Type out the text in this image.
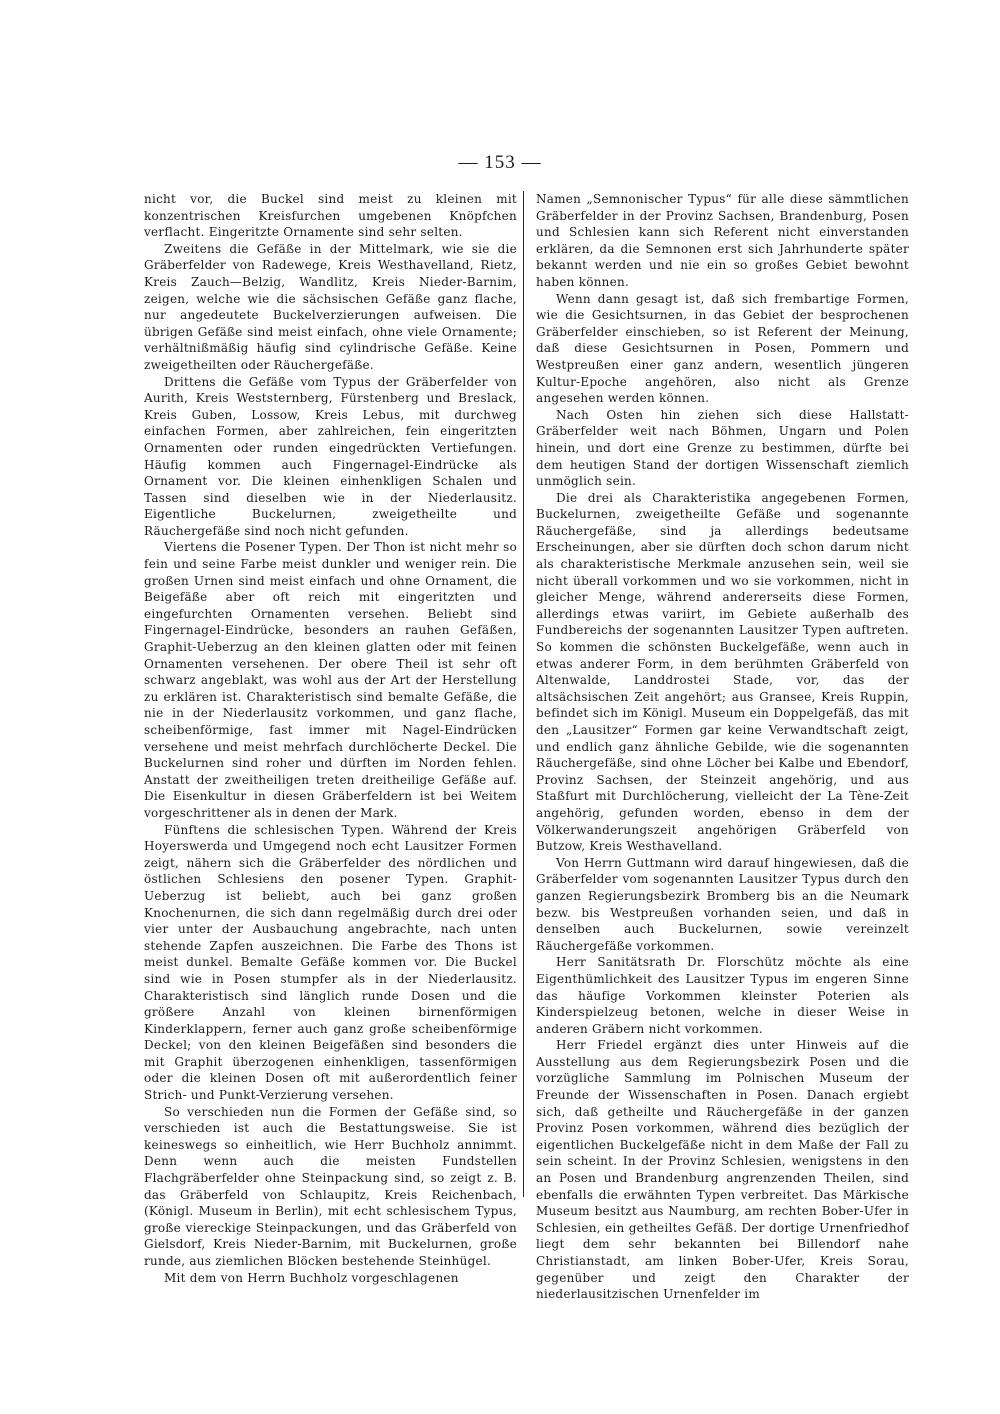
— 153 —

nicht vor, die Buckel sind meist zu kleinen mit konzentrischen Kreisfurchen umgebenen Knöpfchen verflacht. Eingeritzte Ornamente sind sehr selten.

Zweitens die Gefäße in der Mittelmark, wie sie die Gräberfelder von Radewege, Kreis Westhavelland, Rietz, Kreis Zauch—Belzig, Wandlitz, Kreis Nieder-Barnim, zeigen, welche wie die sächsischen Gefäße ganz flache, nur angedeutete Buckelverzierungen aufweisen. Die übrigen Gefäße sind meist einfach, ohne viele Ornamente; verhältnißmäßig häufig sind cylindrische Gefäße. Keine zweigetheilten oder Räuchergefäße.

Drittens die Gefäße vom Typus der Gräberfelder von Aurith, Kreis Weststernberg, Fürstenberg und Breslack, Kreis Guben, Lossow, Kreis Lebus, mit durchweg einfachen Formen, aber zahlreichen, fein eingeritzten Ornamenten oder runden eingedrückten Vertiefungen. Häufig kommen auch Fingernagel-Eindrücke als Ornament vor. Die kleinen einhenkligen Schalen und Tassen sind dieselben wie in der Niederlausitz. Eigentliche Buckelurnen, zweigetheilte und Räuchergefäße sind noch nicht gefunden.

Viertens die Posener Typen. Der Thon ist nicht mehr so fein und seine Farbe meist dunkler und weniger rein. Die großen Urnen sind meist einfach und ohne Ornament, die Beigefäße aber oft reich mit eingeritzten und eingefurchten Ornamenten versehen. Beliebt sind Fingernagel-Eindrücke, besonders an rauhen Gefäßen, Graphit-Ueberzug an den kleinen glatten oder mit feinen Ornamenten versehenen. Der obere Theil ist sehr oft schwarz angeblakt, was wohl aus der Art der Herstellung zu erklären ist. Charakteristisch sind bemalte Gefäße, die nie in der Niederlausitz vorkommen, und ganz flache, scheibenförmige, fast immer mit Nagel-Eindrücken versehene und meist mehrfach durchlöcherte Deckel. Die Buckelurnen sind roher und dürften im Norden fehlen. Anstatt der zweitheiligen treten dreitheilige Gefäße auf. Die Eisenkultur in diesen Gräberfeldern ist bei Weitem vorgeschrittener als in denen der Mark.

Fünftens die schlesischen Typen. Während der Kreis Hoyerswerda und Umgegend noch echt Lausitzer Formen zeigt, nähern sich die Gräberfelder des nördlichen und östlichen Schlesiens den posener Typen. Graphit-Ueberzug ist beliebt, auch bei ganz großen Knochenurnen, die sich dann regelmäßig durch drei oder vier unter der Ausbauchung angebrachte, nach unten stehende Zapfen auszeichnen. Die Farbe des Thons ist meist dunkel. Bemalte Gefäße kommen vor. Die Buckel sind wie in Posen stumpfer als in der Niederlausitz. Charakteristisch sind länglich runde Dosen und die größere Anzahl von kleinen birnenförmigen Kinderklappern, ferner auch ganz große scheibenförmige Deckel; von den kleinen Beigefäßen sind besonders die mit Graphit überzogenen einhenkligen, tassenförmigen oder die kleinen Dosen oft mit außerordentlich feiner Strich- und Punkt-Verzierung versehen.

So verschieden nun die Formen der Gefäße sind, so verschieden ist auch die Bestattungsweise. Sie ist keineswegs so einheitlich, wie Herr Buchholz annimmt. Denn wenn auch die meisten Fundstellen Flachgräberfelder ohne Steinpackung sind, so zeigt z. B. das Gräberfeld von Schlaupitz, Kreis Reichenbach, (Königl. Museum in Berlin), mit echt schlesischem Typus, große viereckige Steinpackungen, und das Gräberfeld von Gielsdorf, Kreis Nieder-Barnim, mit Buckelurnen, große runde, aus ziemlichen Blöcken bestehende Steinhügel.

Mit dem von Herrn Buchholz vorgeschlagenen

Namen „Semnonischer Typus“ für alle diese sämmtlichen Gräberfelder in der Provinz Sachsen, Brandenburg, Posen und Schlesien kann sich Referent nicht einverstanden erklären, da die Semnonen erst sich Jahrhunderte später bekannt werden und nie ein so großes Gebiet bewohnt haben können.

Wenn dann gesagt ist, daß sich frembartige Formen, wie die Gesichtsurnen, in das Gebiet der besprochenen Gräberfelder einschieben, so ist Referent der Meinung, daß diese Gesichtsurnen in Posen, Pommern und Westpreußen einer ganz andern, wesentlich jüngeren Kultur-Epoche angehören, also nicht als Grenze angesehen werden können.

Nach Osten hin ziehen sich diese Hallstatt-Gräberfelder weit nach Böhmen, Ungarn und Polen hinein, und dort eine Grenze zu bestimmen, dürfte bei dem heutigen Stand der dortigen Wissenschaft ziemlich unmöglich sein.

Die drei als Charakteristika angegebenen Formen, Buckelurnen, zweigetheilte Gefäße und sogenannte Räuchergefäße, sind ja allerdings bedeutsame Erscheinungen, aber sie dürften doch schon darum nicht als charakteristische Merkmale anzusehen sein, weil sie nicht überall vorkommen und wo sie vorkommen, nicht in gleicher Menge, während andererseits diese Formen, allerdings etwas variirt, im Gebiete außerhalb des Fundbereichs der sogenannten Lausitzer Typen auftreten. So kommen die schönsten Buckelgefäße, wenn auch in etwas anderer Form, in dem berühmten Gräberfeld von Altenwalde, Landdrostei Stade, vor, das der altsächsischen Zeit angehört; aus Gransee, Kreis Ruppin, befindet sich im Königl. Museum ein Doppelgefäß, das mit den „Lausitzer“ Formen gar keine Verwandtschaft zeigt, und endlich ganz ähnliche Gebilde, wie die sogenannten Räuchergefäße, sind ohne Löcher bei Kalbe und Ebendorf, Provinz Sachsen, der Steinzeit angehörig, und aus Staßfurt mit Durchlöcherung, vielleicht der La Tène-Zeit angehörig, gefunden worden, ebenso in dem der Völkerwanderungszeit angehörigen Gräberfeld von Butzow, Kreis Westhavelland.

Von Herrn Guttmann wird darauf hingewiesen, daß die Gräberfelder vom sogenannten Lausitzer Typus durch den ganzen Regierungsbezirk Bromberg bis an die Neumark bezw. bis Westpreußen vorhanden seien, und daß in denselben auch Buckelurnen, sowie vereinzelt Räuchergefäße vorkommen.

Herr Sanitätsrath Dr. Florschütz möchte als eine Eigenthümlichkeit des Lausitzer Typus im engeren Sinne das häufige Vorkommen kleinster Poterien als Kinderspielzeug betonen, welche in dieser Weise in anderen Gräbern nicht vorkommen.

Herr Friedel ergänzt dies unter Hinweis auf die Ausstellung aus dem Regierungsbezirk Posen und die vorzügliche Sammlung im Polnischen Museum der Freunde der Wissenschaften in Posen. Danach ergiebt sich, daß getheilte und Räuchergefäße in der ganzen Provinz Posen vorkommen, während dies bezüglich der eigentlichen Buckelgefäße nicht in dem Maße der Fall zu sein scheint. In der Provinz Schlesien, wenigstens in den an Posen und Brandenburg angrenzenden Theilen, sind ebenfalls die erwähnten Typen verbreitet. Das Märkische Museum besitzt aus Naumburg, am rechten Bober-Ufer in Schlesien, ein getheiltes Gefäß. Der dortige Urnenfriedhof liegt dem sehr bekannten bei Billendorf nahe Christianstadt, am linken Bober-Ufer, Kreis Sorau, gegenüber und zeigt den Charakter der niederlausitzischen Urnenfelder im
